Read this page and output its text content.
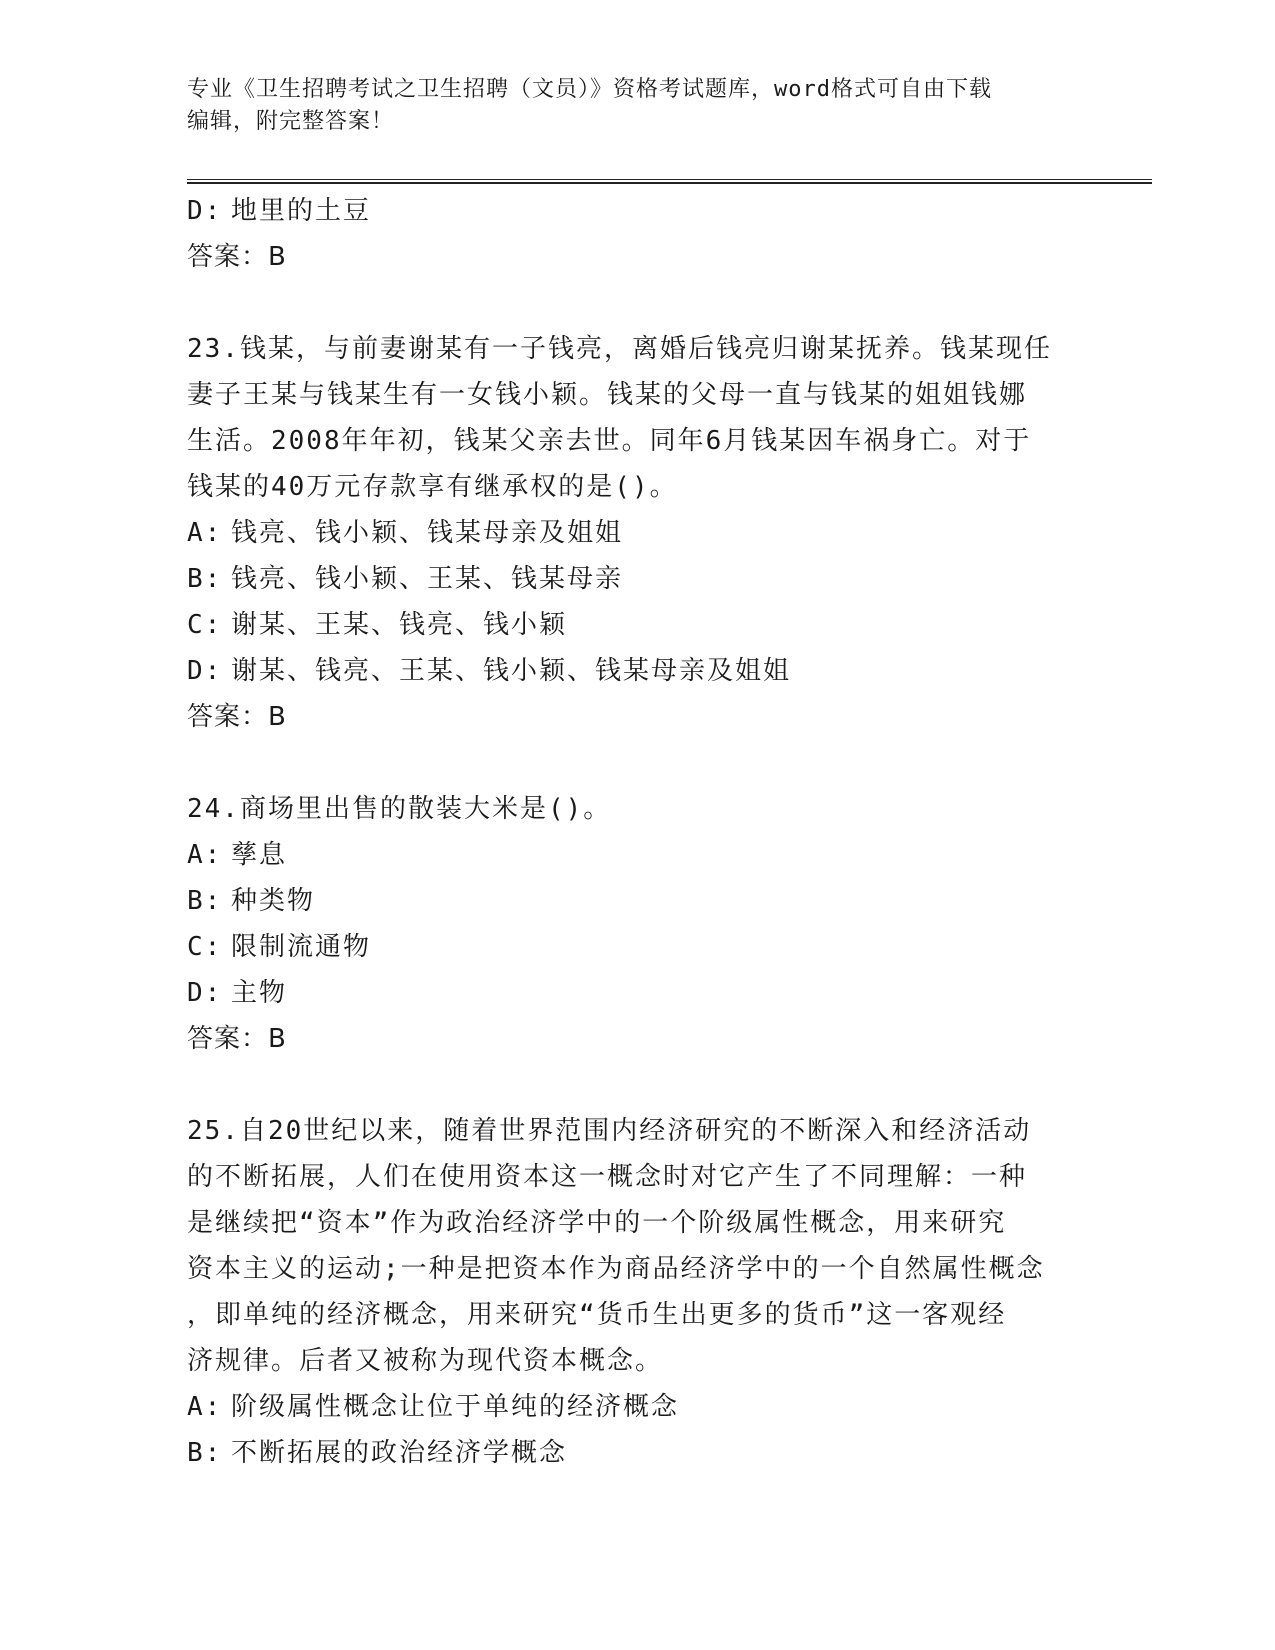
专业《卫生招聘考试之卫生招聘（文员）》资格考试题库，word格式可自由下载
编辑，附完整答案！
D: 地里的土豆
答案：B
23.钱某，与前妻谢某有一子钱亮，离婚后钱亮归谢某抚养。钱某现任
妻子王某与钱某生有一女钱小颖。钱某的父母一直与钱某的姐姐钱娜
生活。2008年年初，钱某父亲去世。同年6月钱某因车祸身亡。对于
钱某的40万元存款享有继承权的是()。
A: 钱亮、钱小颖、钱某母亲及姐姐
B: 钱亮、钱小颖、王某、钱某母亲
C: 谢某、王某、钱亮、钱小颖
D: 谢某、钱亮、王某、钱小颖、钱某母亲及姐姐
答案：B
24.商场里出售的散装大米是()。
A: 孳息
B: 种类物
C: 限制流通物
D: 主物
答案：B
25.自20世纪以来，随着世界范围内经济研究的不断深入和经济活动
的不断拓展，人们在使用资本这一概念时对它产生了不同理解：一种
是继续把“资本”作为政治经济学中的一个阶级属性概念，用来研究
资本主义的运动;一种是把资本作为商品经济学中的一个自然属性概念
，即单纯的经济概念，用来研究“货币生出更多的货币”这一客观经
济规律。后者又被称为现代资本概念。
A: 阶级属性概念让位于单纯的经济概念
B: 不断拓展的政治经济学概念
